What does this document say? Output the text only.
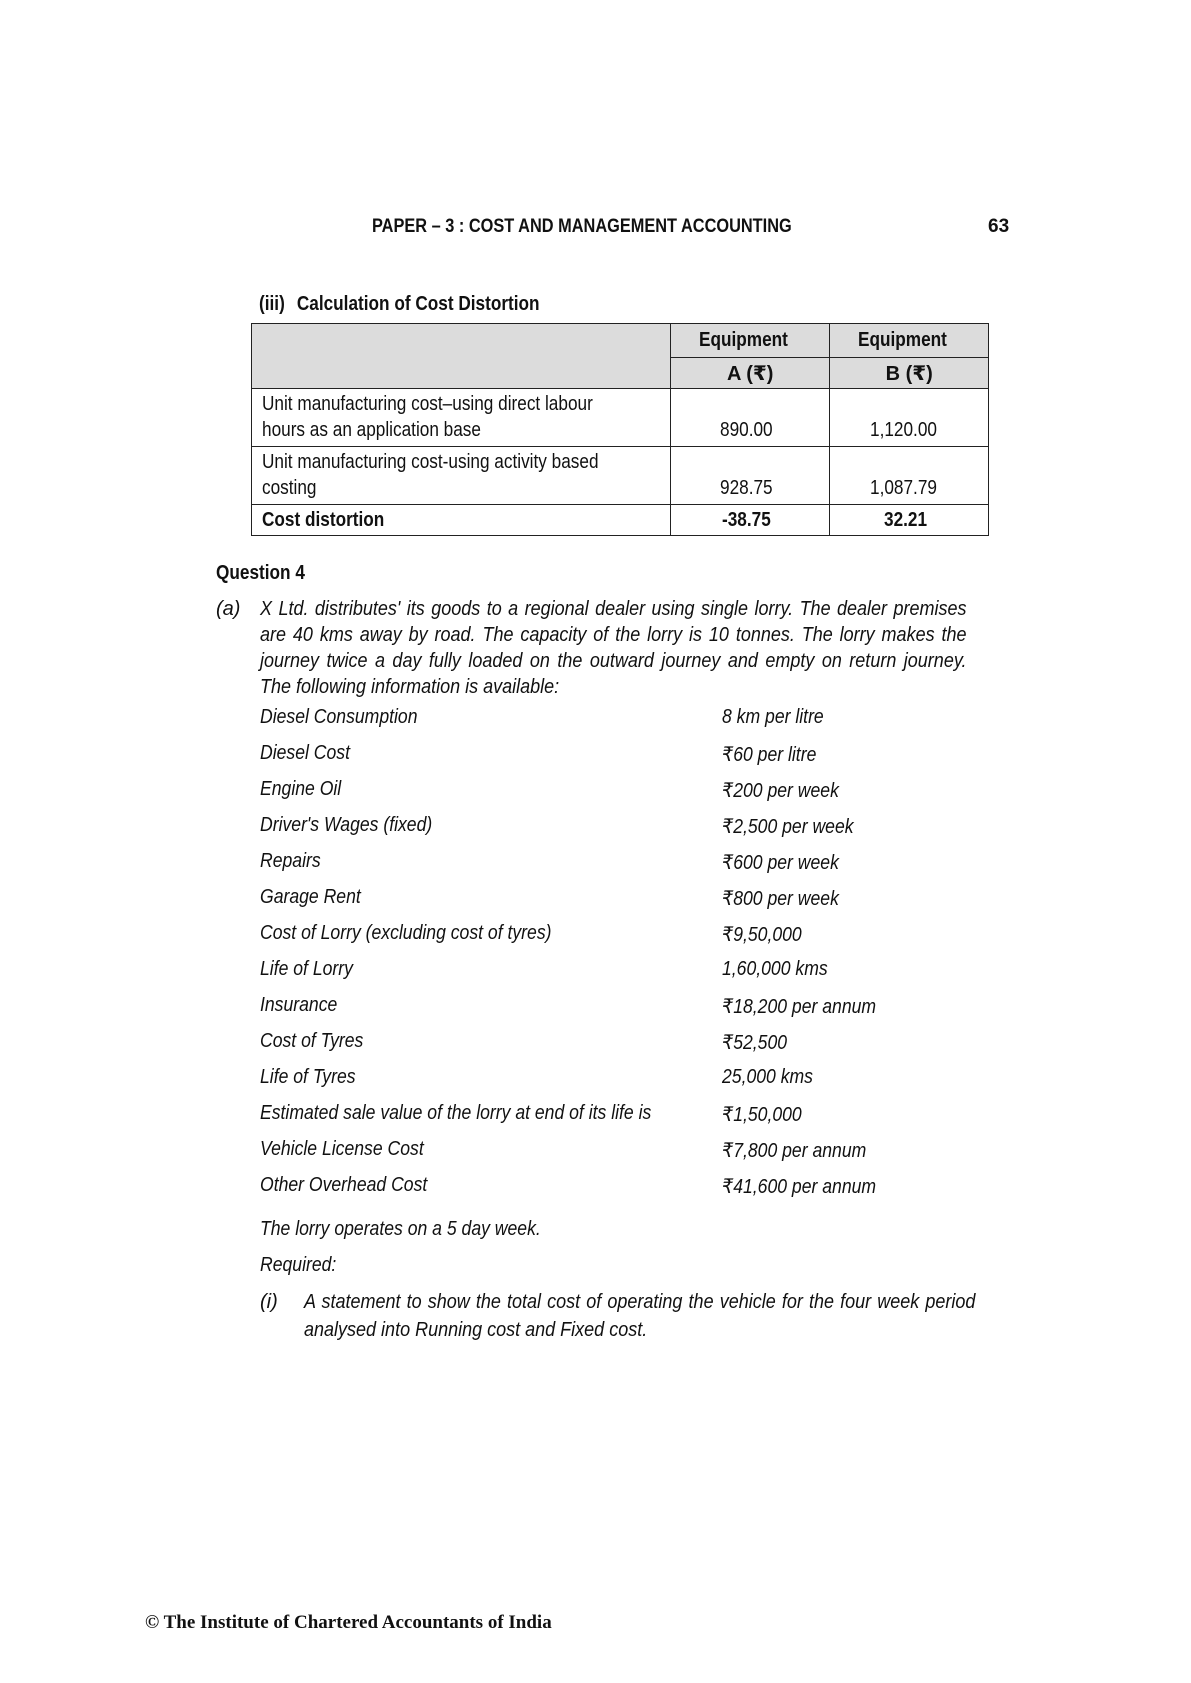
PAPER – 3 : COST AND MANAGEMENT ACCOUNTING	63
(iii) Calculation of Cost Distortion
	Equipment	Equipment
	A (₹)	B (₹)
Unit manufacturing cost–using direct labour
hours as an application base	890.00	1,120.00
Unit manufacturing cost-using activity based
costing	928.75	1,087.79
Cost distortion	-38.75	32.21
Question 4
(a) X Ltd. distributes' its goods to a regional dealer using single lorry. The dealer premises are 40 kms away by road. The capacity of the lorry is 10 tonnes. The lorry makes the journey twice a day fully loaded on the outward journey and empty on return journey. The following information is available:
Diesel Consumption	8 km per litre
Diesel Cost	₹60 per litre
Engine Oil	₹200 per week
Driver's Wages (fixed)	₹2,500 per week
Repairs	₹600 per week
Garage Rent	₹800 per week
Cost of Lorry (excluding cost of tyres)	₹9,50,000
Life of Lorry	1,60,000 kms
Insurance	₹18,200 per annum
Cost of Tyres	₹52,500
Life of Tyres	25,000 kms
Estimated sale value of the lorry at end of its life is	₹1,50,000
Vehicle License Cost	₹7,800 per annum
Other Overhead Cost	₹41,600 per annum
The lorry operates on a 5 day week.
Required:
(i) A statement to show the total cost of operating the vehicle for the four week period analysed into Running cost and Fixed cost.
© The Institute of Chartered Accountants of India
